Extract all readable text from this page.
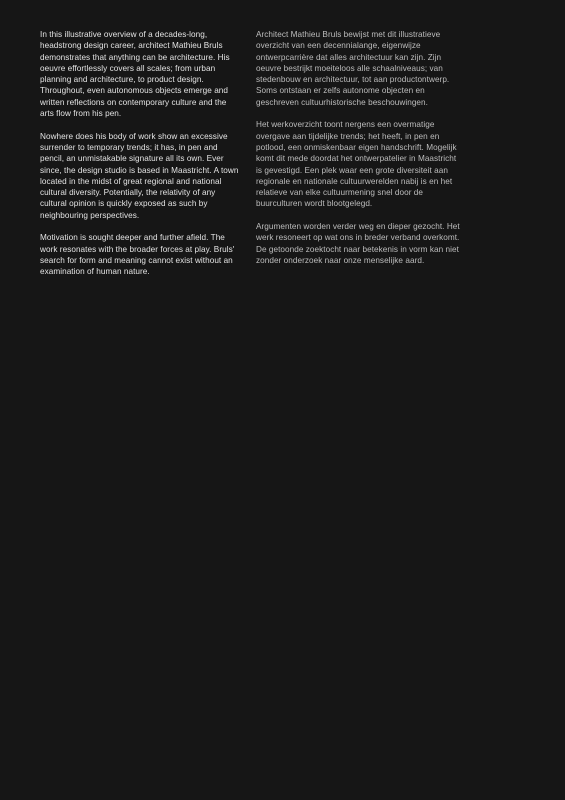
In this illustrative overview of a decades-long, headstrong design career, architect Mathieu Bruls demonstrates that anything can be architecture. His oeuvre effortlessly covers all scales; from urban planning and architecture, to product design. Throughout, even autonomous objects emerge and written reflections on contemporary culture and the arts flow from his pen.

Nowhere does his body of work show an excessive surrender to temporary trends; it has, in pen and pencil, an unmistakable signature all its own. Ever since, the design studio is based in Maastricht. A town located in the midst of great regional and national cultural diversity. Potentially, the relativity of any cultural opinion is quickly exposed as such by neighbouring perspectives.

Motivation is sought deeper and further afield. The work resonates with the broader forces at play. Bruls' search for form and meaning cannot exist without an examination of human nature.

Architect Mathieu Bruls bewijst met dit illustratieve overzicht van een decennialange, eigenwijze ontwerpcarrière dat alles architectuur kan zijn. Zijn oeuvre bestrijkt moeiteloos alle schaalniveaus; van stedenbouw en architectuur, tot aan productontwerp. Soms ontstaan er zelfs autonome objecten en geschreven cultuurhistorische beschouwingen.

Het werkoverzicht toont nergens een overmatige overgave aan tijdelijke trends; het heeft, in pen en potlood, een onmiskenbaar eigen handschrift. Mogelijk komt dit mede doordat het ontwerpatelier in Maastricht is gevestigd. Een plek waar een grote diversiteit aan regionale en nationale cultuurwerelden nabij is en het relatieve van elke cultuurmening snel door de buurculturen wordt blootgelegd.

Argumenten worden verder weg en dieper gezocht. Het werk resoneert op wat ons in breder verband overkomt. De getoonde zoektocht naar betekenis in vorm kan niet zonder onderzoek naar onze menselijke aard.
